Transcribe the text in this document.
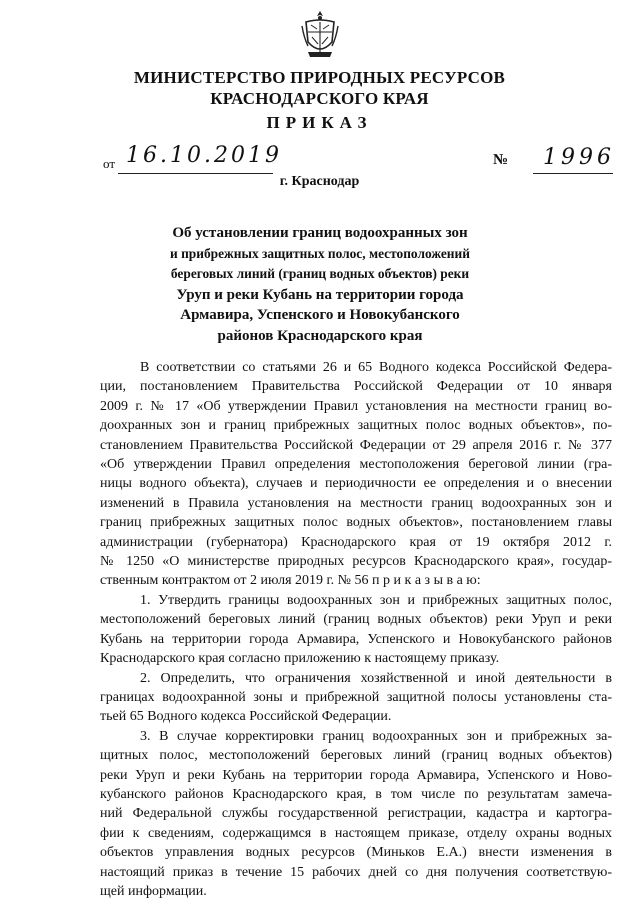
МИНИСТЕРСТВО ПРИРОДНЫХ РЕСУРСОВ
КРАСНОДАРСКОГО КРАЯ
ПРИКАЗ
от 16.10.2019	№ 1996
г. Краснодар
Об установлении границ водоохранных зон
и прибрежных защитных полос, местоположений
береговых линий (границ водных объектов) реки
Уруп и реки Кубань на территории города
Армавира, Успенского и Новокубанского
районов Краснодарского края
В соответствии со статьями 26 и 65 Водного кодекса Российской Федера-
ции, постановлением Правительства Российской Федерации от 10 января
2009 г. № 17 «Об утверждении Правил установления на местности границ во-
доохранных зон и границ прибрежных защитных полос водных объектов», по-
становлением Правительства Российской Федерации от 29 апреля 2016 г. № 377
«Об утверждении Правил определения местоположения береговой линии (гра-
ницы водного объекта), случаев и периодичности ее определения и о внесении
изменений в Правила установления на местности границ водоохранных зон и
границ прибрежных защитных полос водных объектов», постановлением главы
администрации (губернатора) Краснодарского края от 19 октября 2012 г.
№ 1250 «О министерстве природных ресурсов Краснодарского края», государ-
ственным контрактом от 2 июля 2019 г. № 56 п р и к а з ы в а ю:
1. Утвердить границы водоохранных зон и прибрежных защитных полос,
местоположений береговых линий (границ водных объектов) реки Уруп и реки
Кубань на территории города Армавира, Успенского и Новокубанского районов
Краснодарского края согласно приложению к настоящему приказу.
2. Определить, что ограничения хозяйственной и иной деятельности в
границах водоохранной зоны и прибрежной защитной полосы установлены ста-
тьей 65 Водного кодекса Российской Федерации.
3. В случае корректировки границ водоохранных зон и прибрежных за-
щитных полос, местоположений береговых линий (границ водных объектов)
реки Уруп и реки Кубань на территории города Армавира, Успенского и Ново-
кубанского районов Краснодарского края, в том числе по результатам замеча-
ний Федеральной службы государственной регистрации, кадастра и картогра-
фии к сведениям, содержащимся в настоящем приказе, отделу охраны водных
объектов управления водных ресурсов (Миньков Е.А.) внести изменения в
настоящий приказ в течение 15 рабочих дней со дня получения соответствую-
щей информации.
